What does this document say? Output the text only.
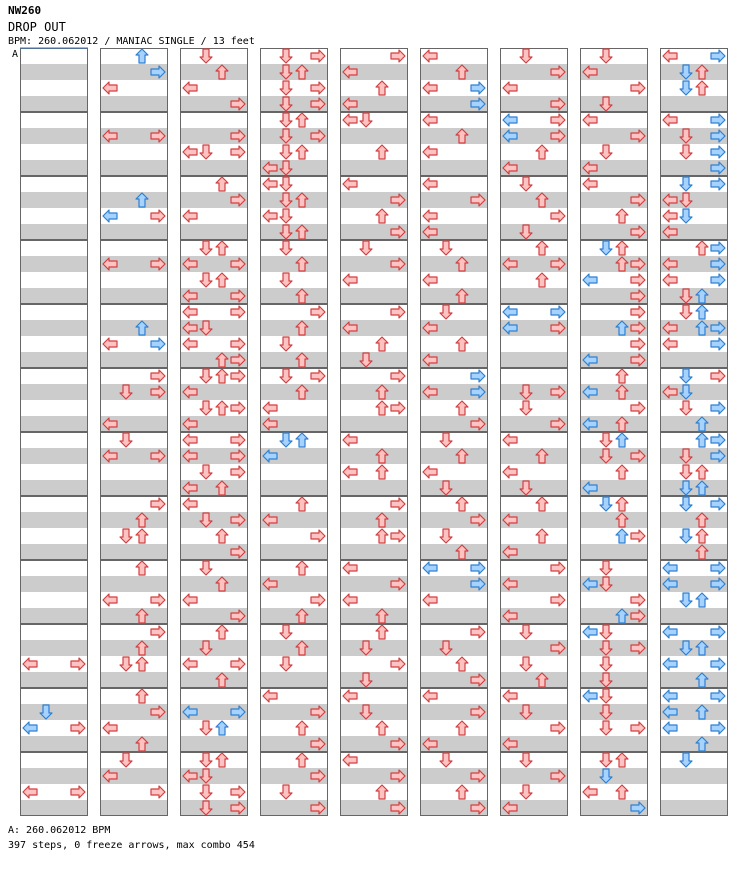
NW260
DROP OUT
BPM: 260.062012 / MANIAC SINGLE / 13 feet
A
A: 260.062012 BPM
397 steps, 0 freeze arrows, max combo 454
